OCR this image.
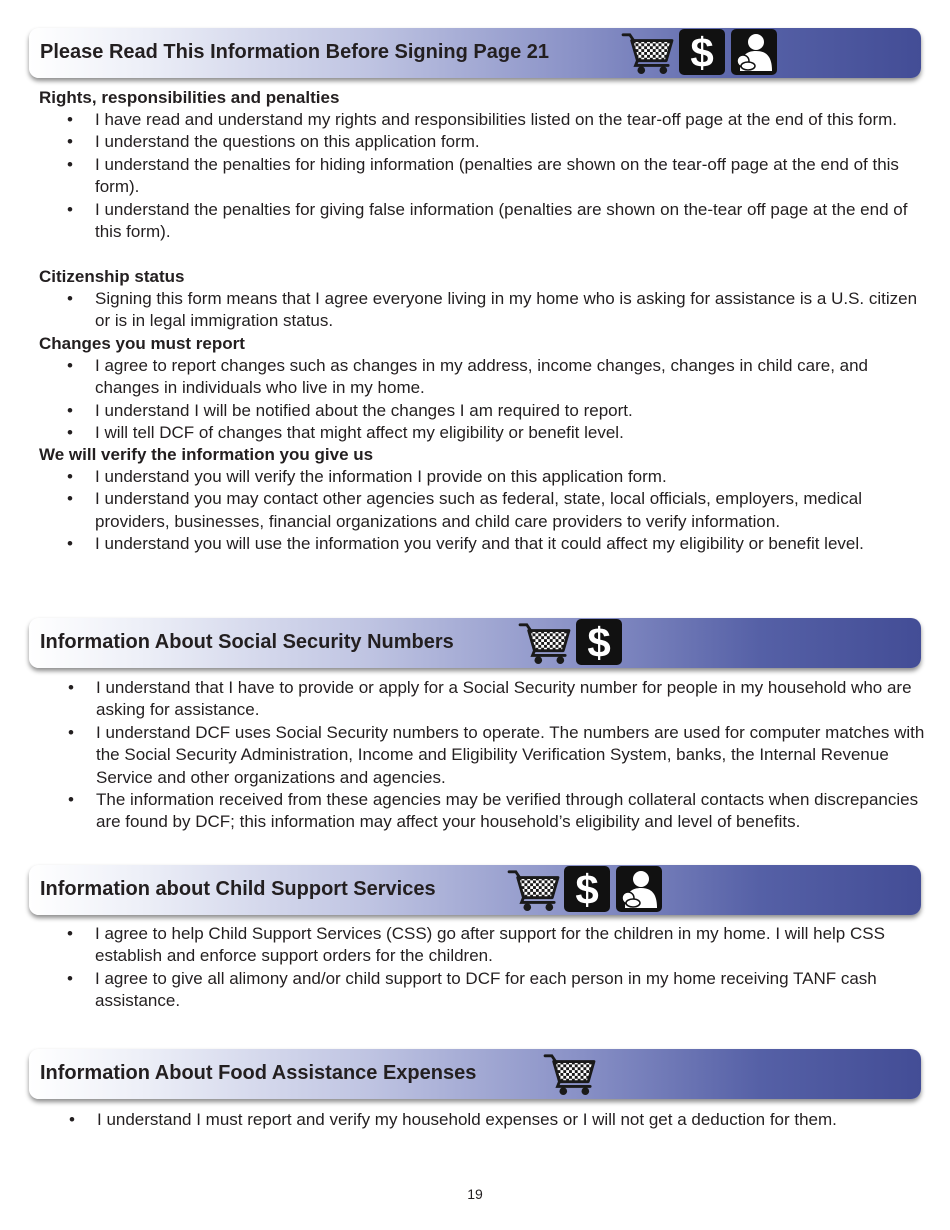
Please Read This Information Before Signing Page 21
Rights, responsibilities and penalties
• I have read and understand my rights and responsibilities listed on the tear-off page at the end of this form.
• I understand the questions on this application form.
• I understand the penalties for hiding information (penalties are shown on the tear-off page at the end of this form).
• I understand the penalties for giving false information (penalties are shown on the-tear off page at the end of this form).
Citizenship status
• Signing this form means that I agree everyone living in my home who is asking for assistance is a U.S. citizen or is in legal immigration status.
Changes you must report
• I agree to report changes such as changes in my address, income changes, changes in child care, and changes in individuals who live in my home.
• I understand I will be notified about the changes I am required to report.
• I will tell DCF of changes that might affect my eligibility or benefit level.
We will verify the information you give us
• I understand you will verify the information I provide on this application form.
• I understand you may contact other agencies such as federal, state, local officials, employers, medical providers, businesses, financial organizations and child care providers to verify information.
• I understand you will use the information you verify and that it could affect my eligibility or benefit level.
Information About Social Security Numbers
• I understand that I have to provide or apply for a Social Security number for people in my household who are asking for assistance.
• I understand DCF uses Social Security numbers to operate. The numbers are used for computer matches with the Social Security Administration, Income and Eligibility Verification System, banks, the Internal Revenue Service and other organizations and agencies.
• The information received from these agencies may be verified through collateral contacts when discrepancies are found by DCF; this information may affect your household’s eligibility and level of benefits.
Information about Child Support Services
• I agree to help Child Support Services (CSS) go after support for the children in my home. I will help CSS establish and enforce support orders for the children.
• I agree to give all alimony and/or child support to DCF for each person in my home receiving TANF cash assistance.
Information About Food Assistance Expenses
• I understand I must report and verify my household expenses or I will not get a deduction for them.
19
